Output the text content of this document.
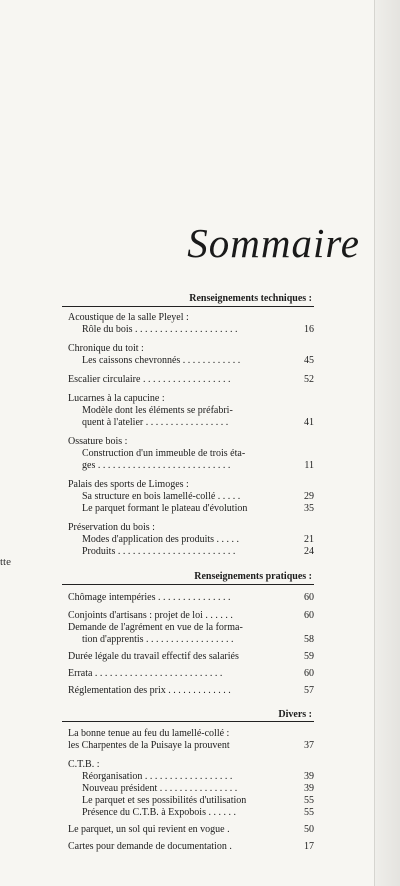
tte
Sommaire
Renseignements techniques :
Acoustique de la salle Pleyel :
Rôle du bois . . . . . . . . . . . . . . . . . . . . .	16
Chronique du toit :
Les caissons chevronnés . . . . . . . . . . . .	45
Escalier circulaire . . . . . . . . . . . . . . . . . .	52
Lucarnes à la capucine :
Modèle dont les éléments se préfabri-
quent à l'atelier . . . . . . . . . . . . . . . . .	41
Ossature bois :
Construction d'un immeuble de trois éta-
ges . . . . . . . . . . . . . . . . . . . . . . . . . . .	11
Palais des sports de Limoges :
Sa structure en bois lamellé-collé . . . . .	29
Le parquet formant le plateau d'évolution	35
Préservation du bois :
Modes d'application des produits . . . . .	21
Produits . . . . . . . . . . . . . . . . . . . . . . . .	24
Renseignements pratiques :
Chômage intempéries . . . . . . . . . . . . . . .	60
Conjoints d'artisans : projet de loi . . . . . .	60
Demande de l'agrément en vue de la forma-
tion d'apprentis . . . . . . . . . . . . . . . . . .	58
Durée légale du travail effectif des salariés	59
Errata . . . . . . . . . . . . . . . . . . . . . . . . . .	60
Réglementation des prix . . . . . . . . . . . . .	57
Divers :
La bonne tenue au feu du lamellé-collé :
les Charpentes de la Puisaye la prouvent	37
C.T.B. :
Réorganisation . . . . . . . . . . . . . . . . . .	39
Nouveau président . . . . . . . . . . . . . . . .	39
Le parquet et ses possibilités d'utilisation	55
Présence du C.T.B. à Expobois . . . . . .	55
Le parquet, un sol qui revient en vogue .	50
Cartes pour demande de documentation .	17
